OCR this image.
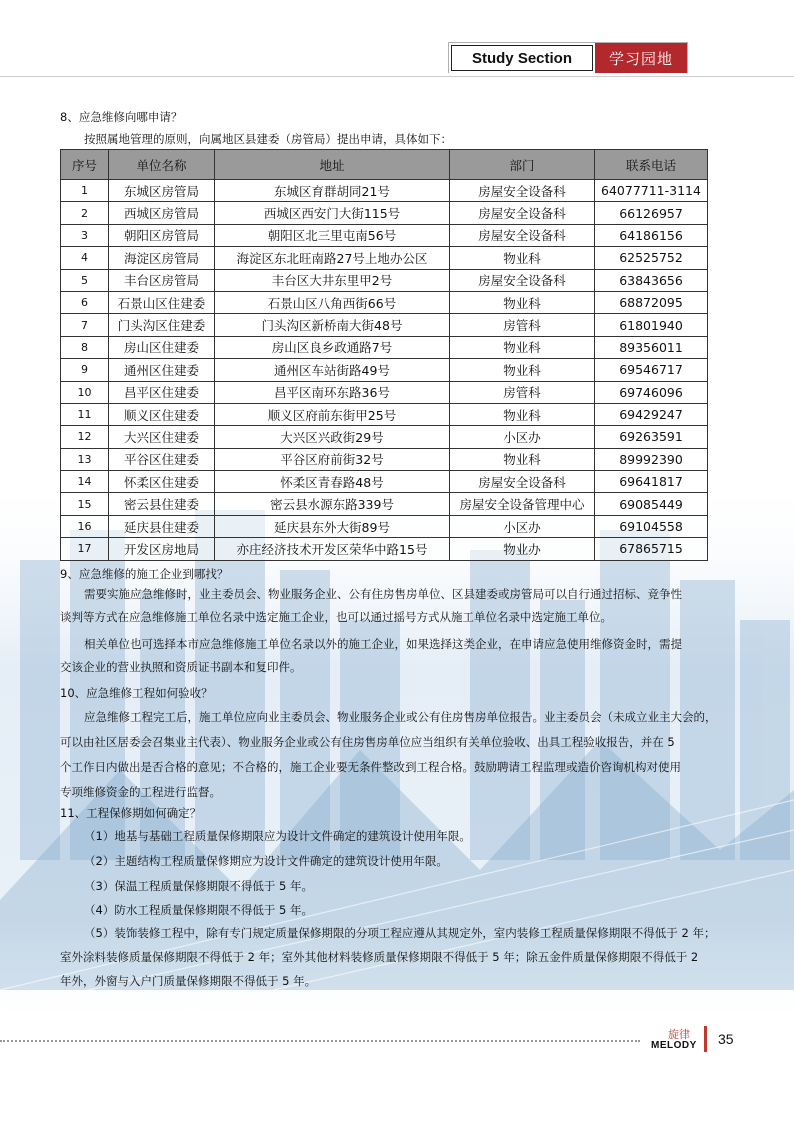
Study Section	学习园地
8、应急维修向哪申请？
按照属地管理的原则，向属地区县建委（房管局）提出申请，具体如下：
序号	单位名称	地址	部门	联系电话
1	东城区房管局	东城区育群胡同21号	房屋安全设备科	64077711-3114
2	西城区房管局	西城区西安门大街115号	房屋安全设备科	66126957
3	朝阳区房管局	朝阳区北三里屯南56号	房屋安全设备科	64186156
4	海淀区房管局	海淀区东北旺南路27号上地办公区	物业科	62525752
5	丰台区房管局	丰台区大井东里甲2号	房屋安全设备科	63843656
6	石景山区住建委	石景山区八角西街66号	物业科	68872095
7	门头沟区住建委	门头沟区新桥南大街48号	房管科	61801940
8	房山区住建委	房山区良乡政通路7号	物业科	89356011
9	通州区住建委	通州区车站街路49号	物业科	69546717
10	昌平区住建委	昌平区南环东路36号	房管科	69746096
11	顺义区住建委	顺义区府前东街甲25号	物业科	69429247
12	大兴区住建委	大兴区兴政街29号	小区办	69263591
13	平谷区住建委	平谷区府前街32号	物业科	89992390
14	怀柔区住建委	怀柔区青春路48号	房屋安全设备科	69641817
15	密云县住建委	密云县水源东路339号	房屋安全设备管理中心	69085449
16	延庆县住建委	延庆县东外大街89号	小区办	69104558
17	开发区房地局	亦庄经济技术开发区荣华中路15号	物业办	67865715
9、应急维修的施工企业到哪找？
需要实施应急维修时，业主委员会、物业服务企业、公有住房售房单位、区县建委或房管局可以自行通过招标、竞争性
谈判等方式在应急维修施工单位名录中选定施工企业，也可以通过摇号方式从施工单位名录中选定施工单位。
相关单位也可选择本市应急维修施工单位名录以外的施工企业，如果选择这类企业，在申请应急使用维修资金时，需提
交该企业的营业执照和资质证书副本和复印件。
10、应急维修工程如何验收？
应急维修工程完工后，施工单位应向业主委员会、物业服务企业或公有住房售房单位报告。业主委员会（未成立业主大会的，
可以由社区居委会召集业主代表）、物业服务企业或公有住房售房单位应当组织有关单位验收、出具工程验收报告，并在 5
个工作日内做出是否合格的意见；不合格的，施工企业要无条件整改到工程合格。鼓励聘请工程监理或造价咨询机构对使用
专项维修资金的工程进行监督。
11、工程保修期如何确定？
（1）地基与基础工程质量保修期限应为设计文件确定的建筑设计使用年限。
（2）主题结构工程质量保修期应为设计文件确定的建筑设计使用年限。
（3）保温工程质量保修期限不得低于 5 年。
（4）防水工程质量保修期限不得低于 5 年。
（5）装饰装修工程中，除有专门规定质量保修期限的分项工程应遵从其规定外，室内装修工程质量保修期限不得低于 2 年；
室外涂料装修质量保修期限不得低于 2 年；室外其他材料装修质量保修期限不得低于 5 年；除五金件质量保修期限不得低于 2
年外，外窗与入户门质量保修期限不得低于 5 年。
旋律
MELODY 35
